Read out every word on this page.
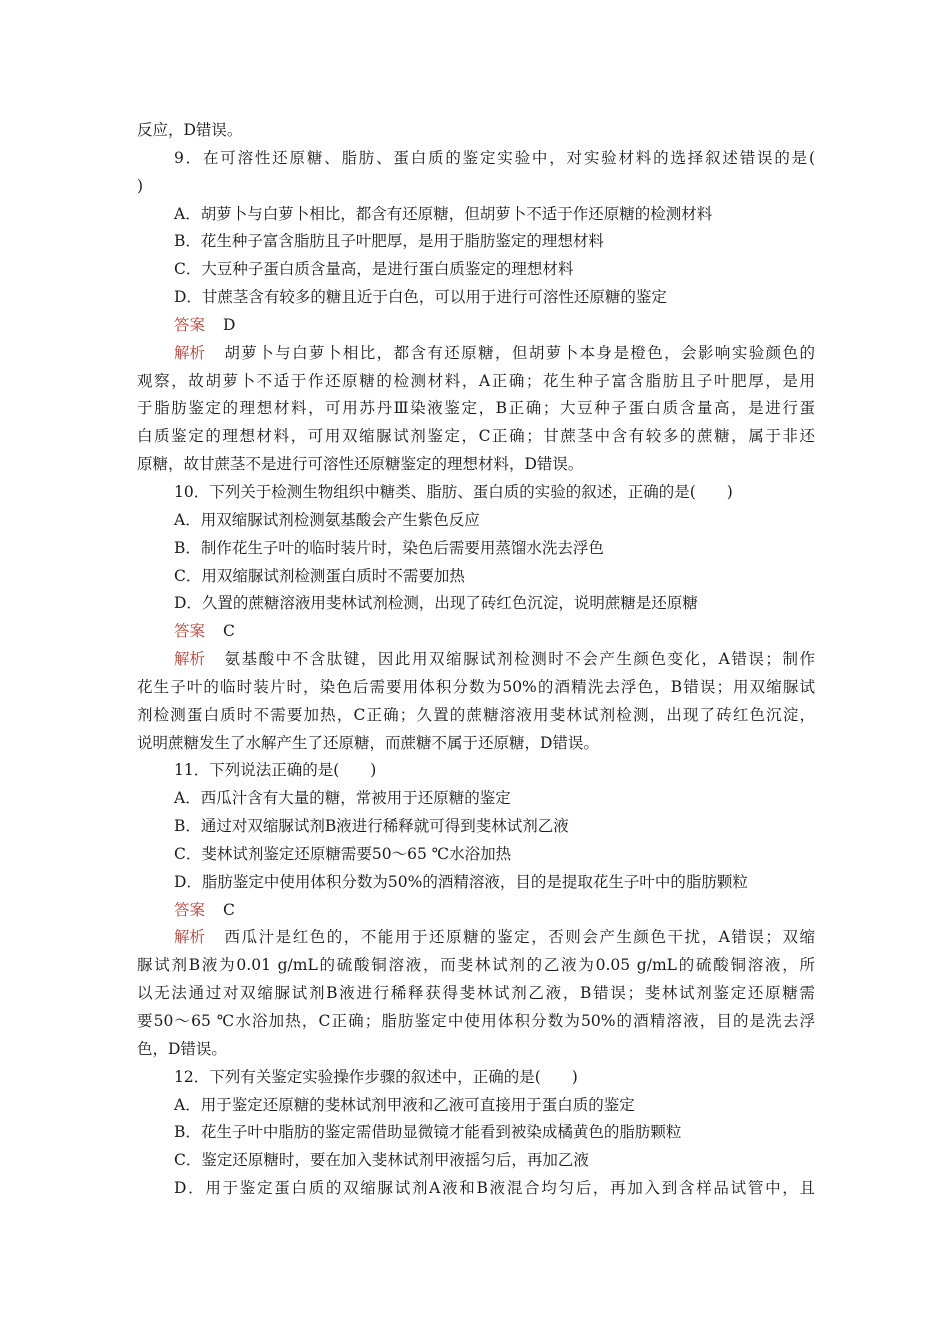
反应，D错误。
9．在可溶性还原糖、脂肪、蛋白质的鉴定实验中，对实验材料的选择叙述错误的是(
)
A．胡萝卜与白萝卜相比，都含有还原糖，但胡萝卜不适于作还原糖的检测材料
B．花生种子富含脂肪且子叶肥厚，是用于脂肪鉴定的理想材料
C．大豆种子蛋白质含量高，是进行蛋白质鉴定的理想材料
D．甘蔗茎含有较多的糖且近于白色，可以用于进行可溶性还原糖的鉴定
答案 D
解析 胡萝卜与白萝卜相比，都含有还原糖，但胡萝卜本身是橙色，会影响实验颜色的
观察，故胡萝卜不适于作还原糖的检测材料，A正确；花生种子富含脂肪且子叶肥厚，是用
于脂肪鉴定的理想材料，可用苏丹Ⅲ染液鉴定，B正确；大豆种子蛋白质含量高，是进行蛋
白质鉴定的理想材料，可用双缩脲试剂鉴定，C正确；甘蔗茎中含有较多的蔗糖，属于非还
原糖，故甘蔗茎不是进行可溶性还原糖鉴定的理想材料，D错误。
10．下列关于检测生物组织中糖类、脂肪、蛋白质的实验的叙述，正确的是(　　)
A．用双缩脲试剂检测氨基酸会产生紫色反应
B．制作花生子叶的临时装片时，染色后需要用蒸馏水洗去浮色
C．用双缩脲试剂检测蛋白质时不需要加热
D．久置的蔗糖溶液用斐林试剂检测，出现了砖红色沉淀，说明蔗糖是还原糖
答案 C
解析 氨基酸中不含肽键，因此用双缩脲试剂检测时不会产生颜色变化，A错误；制作
花生子叶的临时装片时，染色后需要用体积分数为50%的酒精洗去浮色，B错误；用双缩脲试
剂检测蛋白质时不需要加热，C正确；久置的蔗糖溶液用斐林试剂检测，出现了砖红色沉淀，
说明蔗糖发生了水解产生了还原糖，而蔗糖不属于还原糖，D错误。
11．下列说法正确的是(　　)
A．西瓜汁含有大量的糖，常被用于还原糖的鉴定
B．通过对双缩脲试剂B液进行稀释就可得到斐林试剂乙液
C．斐林试剂鉴定还原糖需要50～65 ℃水浴加热
D．脂肪鉴定中使用体积分数为50%的酒精溶液，目的是提取花生子叶中的脂肪颗粒
答案 C
解析 西瓜汁是红色的，不能用于还原糖的鉴定，否则会产生颜色干扰，A错误；双缩
脲试剂B液为0.01 g/mL的硫酸铜溶液，而斐林试剂的乙液为0.05 g/mL的硫酸铜溶液，所
以无法通过对双缩脲试剂B液进行稀释获得斐林试剂乙液，B错误；斐林试剂鉴定还原糖需
要50～65 ℃水浴加热，C正确；脂肪鉴定中使用体积分数为50%的酒精溶液，目的是洗去浮
色，D错误。
12．下列有关鉴定实验操作步骤的叙述中，正确的是(　　)
A．用于鉴定还原糖的斐林试剂甲液和乙液可直接用于蛋白质的鉴定
B．花生子叶中脂肪的鉴定需借助显微镜才能看到被染成橘黄色的脂肪颗粒
C．鉴定还原糖时，要在加入斐林试剂甲液摇匀后，再加乙液
D．用于鉴定蛋白质的双缩脲试剂A液和B液混合均匀后，再加入到含样品试管中，且
